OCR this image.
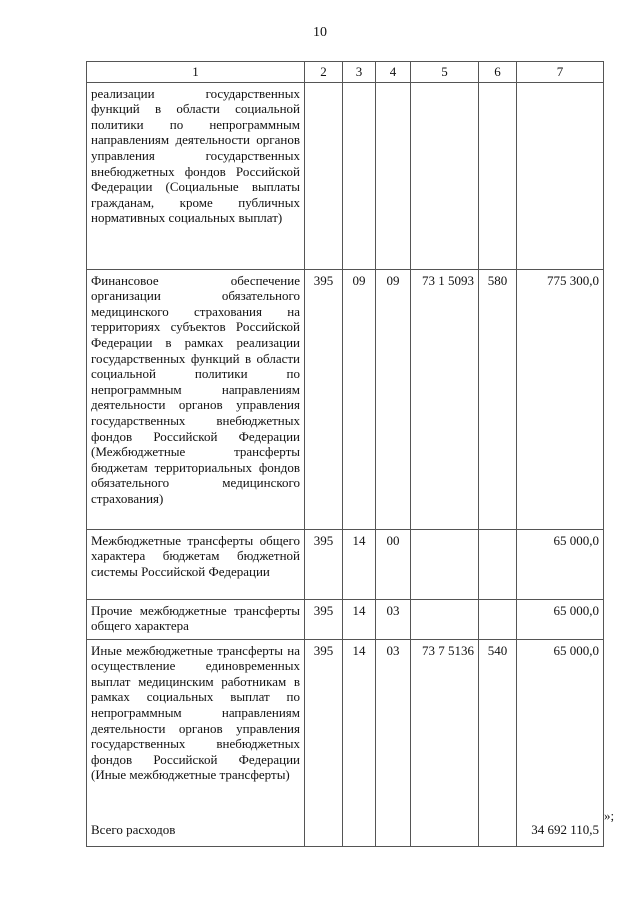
10
1	2	3	4	5	6	7
реализации государственных функций в области социальной политики по непрограммным направлениям деятельности органов управления государственных внебюджетных фондов Российской Федерации (Социальные выплаты гражданам, кроме публичных нормативных социальных выплат)						
Финансовое обеспечение организации обязательного медицинского страхования на территориях субъектов Российской Федерации в рамках реализации государственных функций в области социальной политики по непрограммным направлениям деятельности органов управления государственных внебюджетных фондов Российской Федерации (Межбюджетные трансферты бюджетам территориальных фондов обязательного медицинского страхования)	395	09	09	73 1 5093	580	775 300,0
Межбюджетные трансферты общего характера бюджетам бюджетной системы Российской Федерации	395	14	00			65 000,0
Прочие межбюджетные трансферты общего характера	395	14	03			65 000,0
Иные межбюджетные трансферты на осуществление единовременных выплат медицинским работникам в рамках социальных выплат по непрограммным направлениям деятельности органов управления государственных внебюджетных фондов Российской Федерации (Иные межбюджетные трансферты)	395	14	03	73 7 5136	540	65 000,0
Всего расходов						34 692 110,5
»;
